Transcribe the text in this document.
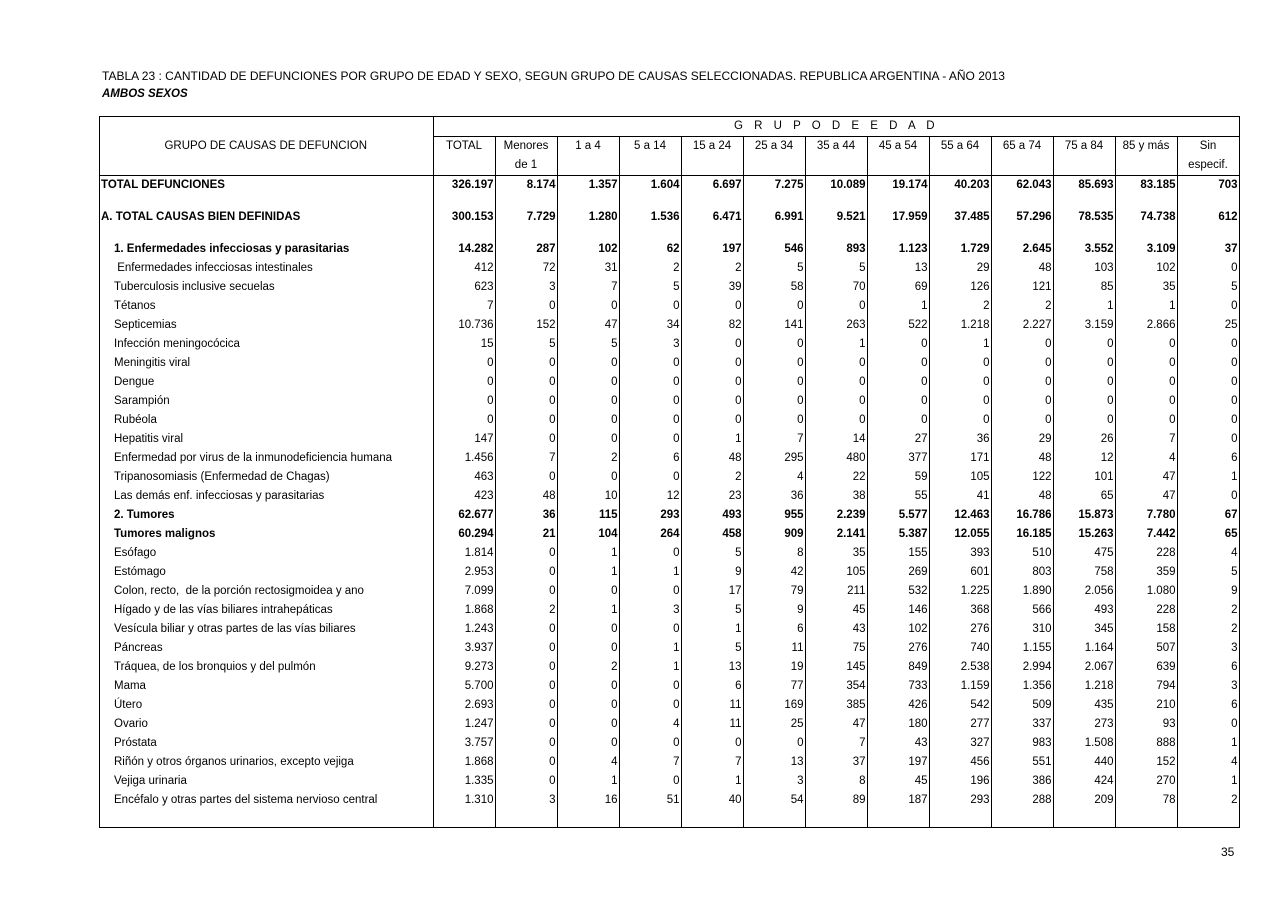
TABLA 23 : CANTIDAD DE DEFUNCIONES POR GRUPO DE EDAD Y SEXO, SEGUN GRUPO DE CAUSAS SELECCIONADAS. REPUBLICA ARGENTINA - AÑO 2013
AMBOS SEXOS
	G R U P O D E E D A D												
GRUPO DE CAUSAS DE DEFUNCION	TOTAL	Menores	1 a 4	5 a 14	15 a 24	25 a 34	35 a 44	45 a 54	55 a 64	65 a 74	75 a 84	85 y más	Sin
		de 1											especif.
TOTAL DEFUNCIONES	326.197	8.174	1.357	1.604	6.697	7.275	10.089	19.174	40.203	62.043	85.693	83.185	703

A. TOTAL CAUSAS BIEN DEFINIDAS	300.153	7.729	1.280	1.536	6.471	6.991	9.521	17.959	37.485	57.296	78.535	74.738	612

1. Enfermedades infecciosas y parasitarias	14.282	287	102	62	197	546	893	1.123	1.729	2.645	3.552	3.109	37
Enfermedades infecciosas intestinales	412	72	31	2	2	5	5	13	29	48	103	102	0
Tuberculosis inclusive secuelas	623	3	7	5	39	58	70	69	126	121	85	35	5
Tétanos	7	0	0	0	0	0	0	1	2	2	1	1	0
Septicemias	10.736	152	47	34	82	141	263	522	1.218	2.227	3.159	2.866	25
Infección meningocócica	15	5	5	3	0	0	1	0	1	0	0	0	0
Meningitis viral	0	0	0	0	0	0	0	0	0	0	0	0	0
Dengue	0	0	0	0	0	0	0	0	0	0	0	0	0
Sarampión	0	0	0	0	0	0	0	0	0	0	0	0	0
Rubéola	0	0	0	0	0	0	0	0	0	0	0	0	0
Hepatitis viral	147	0	0	0	1	7	14	27	36	29	26	7	0
Enfermedad por virus de la inmunodeficiencia humana	1.456	7	2	6	48	295	480	377	171	48	12	4	6
Tripanosomiasis (Enfermedad de Chagas)	463	0	0	0	2	4	22	59	105	122	101	47	1
Las demás enf. infecciosas y parasitarias	423	48	10	12	23	36	38	55	41	48	65	47	0
2. Tumores	62.677	36	115	293	493	955	2.239	5.577	12.463	16.786	15.873	7.780	67
Tumores malignos	60.294	21	104	264	458	909	2.141	5.387	12.055	16.185	15.263	7.442	65
Esófago	1.814	0	1	0	5	8	35	155	393	510	475	228	4
Estómago	2.953	0	1	1	9	42	105	269	601	803	758	359	5
Colon, recto,  de la porción rectosigmoidea y ano	7.099	0	0	0	17	79	211	532	1.225	1.890	2.056	1.080	9
Hígado y de las vías biliares intrahepáticas	1.868	2	1	3	5	9	45	146	368	566	493	228	2
Vesícula biliar y otras partes de las vías biliares	1.243	0	0	0	1	6	43	102	276	310	345	158	2
Páncreas	3.937	0	0	1	5	11	75	276	740	1.155	1.164	507	3
Tráquea, de los bronquios y del pulmón	9.273	0	2	1	13	19	145	849	2.538	2.994	2.067	639	6
Mama	5.700	0	0	0	6	77	354	733	1.159	1.356	1.218	794	3
Útero	2.693	0	0	0	11	169	385	426	542	509	435	210	6
Ovario	1.247	0	0	4	11	25	47	180	277	337	273	93	0
Próstata	3.757	0	0	0	0	0	7	43	327	983	1.508	888	1
Riñón y otros órganos urinarios, excepto vejiga	1.868	0	4	7	7	13	37	197	456	551	440	152	4
Vejiga urinaria	1.335	0	1	0	1	3	8	45	196	386	424	270	1
Encéfalo y otras partes del sistema nervioso central	1.310	3	16	51	40	54	89	187	293	288	209	78	2

35
